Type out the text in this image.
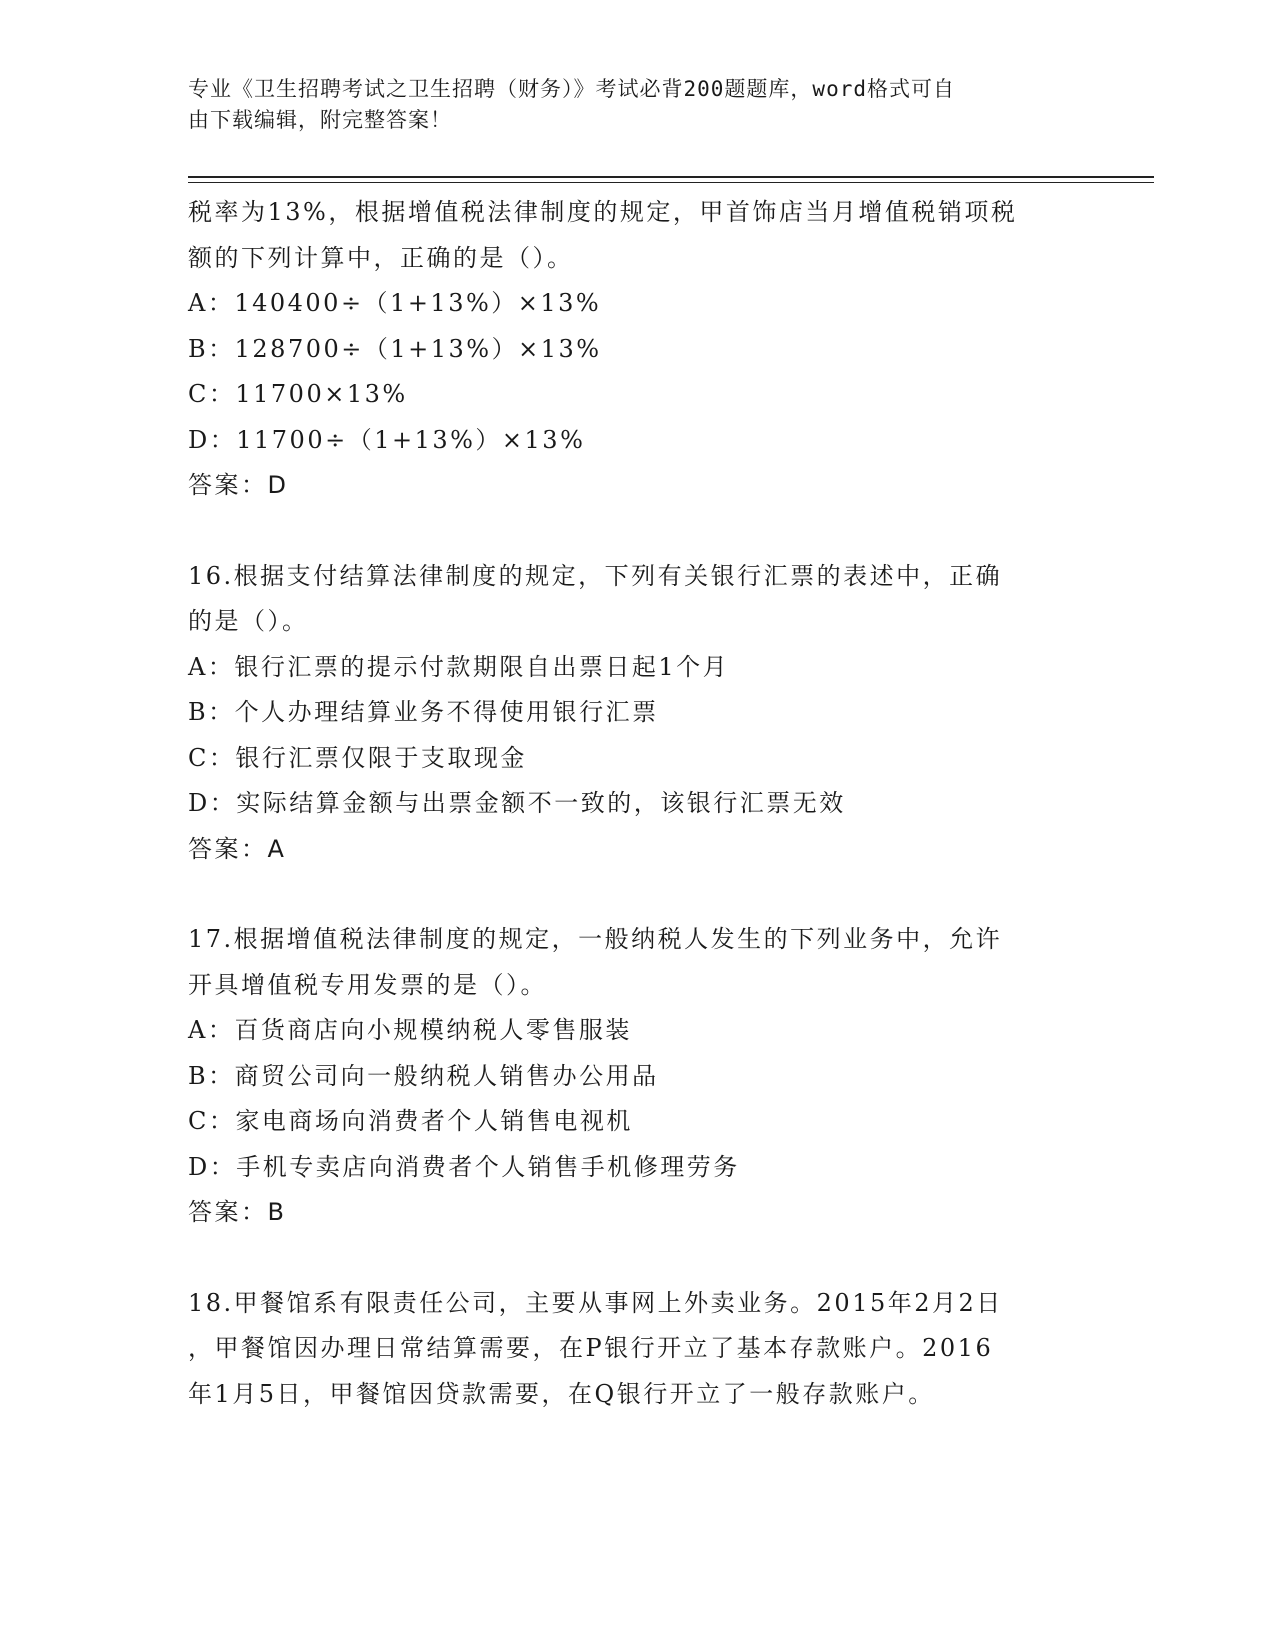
专业《卫生招聘考试之卫生招聘（财务）》考试必背200题题库，word格式可自
由下载编辑，附完整答案！
税率为13%，根据增值税法律制度的规定，甲首饰店当月增值税销项税
额的下列计算中，正确的是（）。
A：140400÷（1+13%）×13%
B：128700÷（1+13%）×13%
C：11700×13%
D：11700÷（1+13%）×13%
答案：D
16.根据支付结算法律制度的规定，下列有关银行汇票的表述中，正确
的是（）。
A：银行汇票的提示付款期限自出票日起1个月
B：个人办理结算业务不得使用银行汇票
C：银行汇票仅限于支取现金
D：实际结算金额与出票金额不一致的，该银行汇票无效
答案：A
17.根据增值税法律制度的规定，一般纳税人发生的下列业务中，允许
开具增值税专用发票的是（）。
A：百货商店向小规模纳税人零售服装
B：商贸公司向一般纳税人销售办公用品
C：家电商场向消费者个人销售电视机
D：手机专卖店向消费者个人销售手机修理劳务
答案：B
18.甲餐馆系有限责任公司，主要从事网上外卖业务。2015年2月2日
，甲餐馆因办理日常结算需要，在P银行开立了基本存款账户。2016
年1月5日，甲餐馆因贷款需要，在Q银行开立了一般存款账户。
